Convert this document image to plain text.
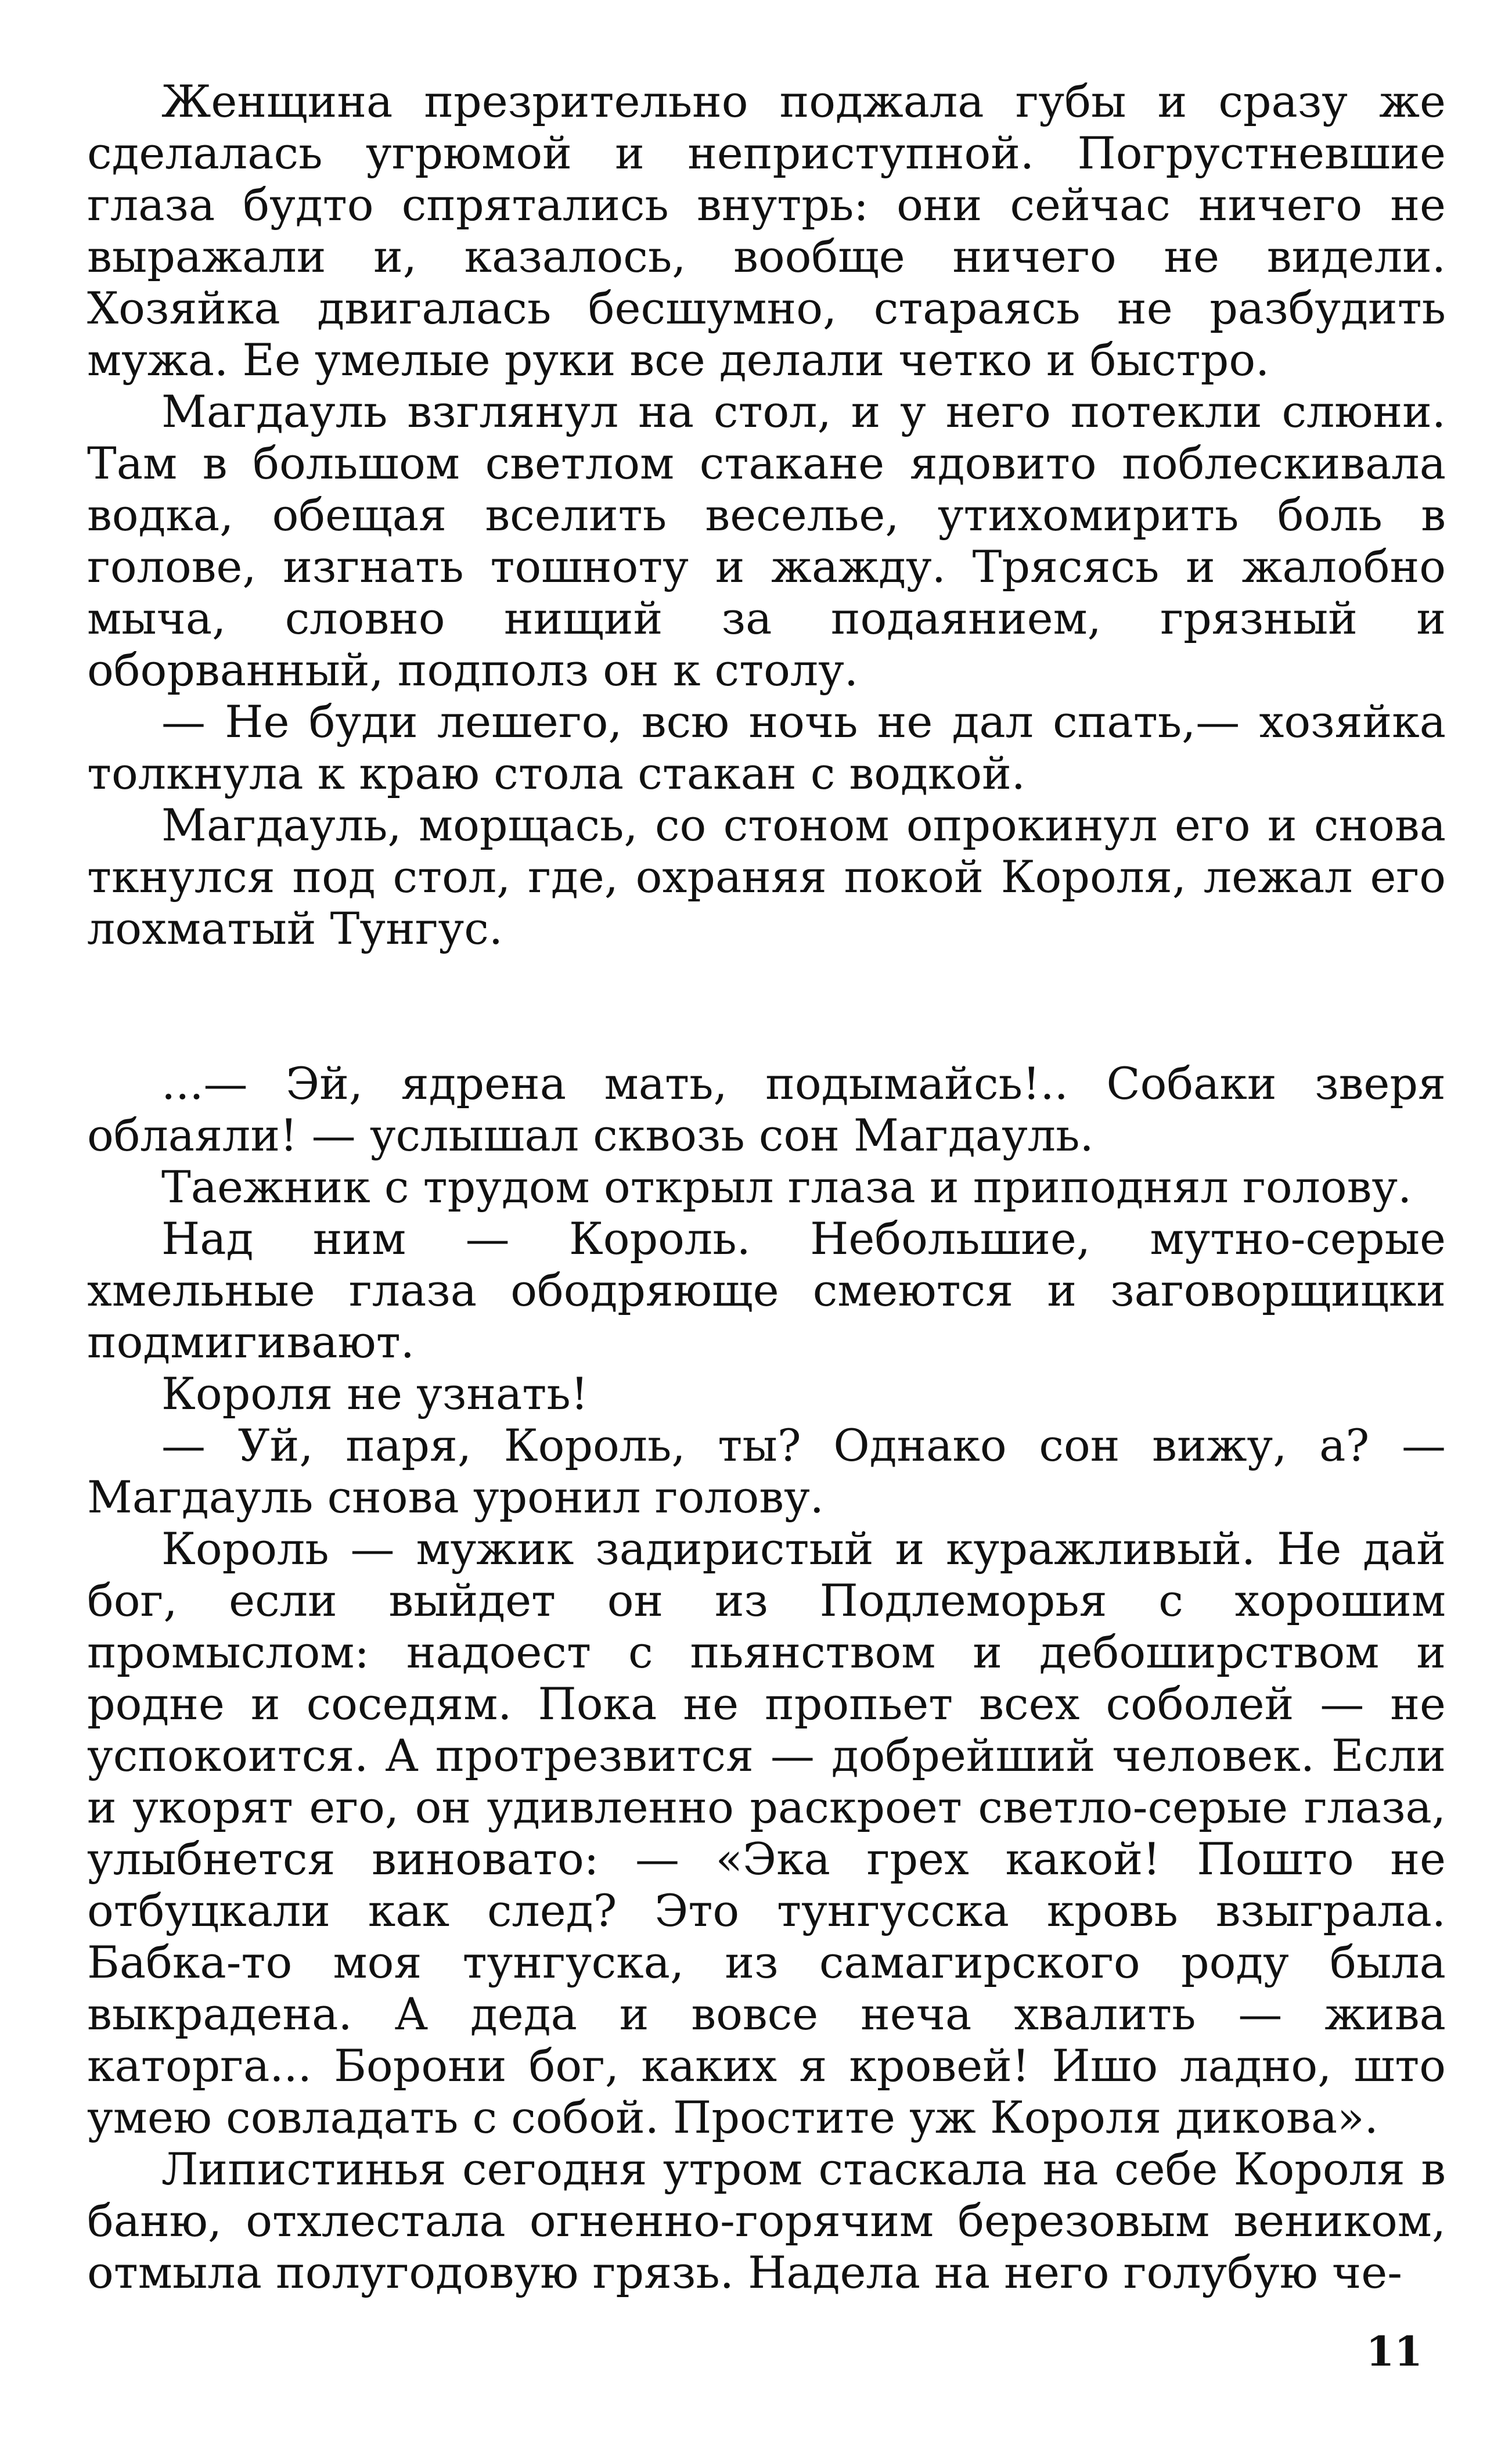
Женщина презрительно поджала губы и сразу же сделалась угрюмой и неприступной. Погрустневшие глаза будто спрятались внутрь: они сейчас ничего не выражали и, казалось, вообще ничего не видели. Хозяйка двигалась бесшумно, стараясь не разбудить мужа. Ее умелые руки все делали четко и быстро.

Магдауль взглянул на стол, и у него потекли слюни. Там в большом светлом стакане ядовито поблескивала водка, обещая вселить веселье, утихомирить боль в голове, изгнать тошноту и жажду. Трясясь и жалобно мыча, словно нищий за подаянием, грязный и оборванный, подполз он к столу.

— Не буди лешего, всю ночь не дал спать,— хозяйка толкнула к краю стола стакан с водкой.

Магдауль, морщась, со стоном опрокинул его и снова ткнулся под стол, где, охраняя покой Короля, лежал его лохматый Тунгус.

...— Эй, ядрена мать, подымайсь!.. Собаки зверя облаяли! — услышал сквозь сон Магдауль.

Таежник с трудом открыл глаза и приподнял голову.

Над ним — Король. Небольшие, мутно-серые хмельные глаза ободряюще смеются и заговорщицки подмигивают.

Короля не узнать!

— Уй, паря, Король, ты? Однако сон вижу, а? — Магдауль снова уронил голову.

Король — мужик задиристый и куражливый. Не дай бог, если выйдет он из Подлеморья с хорошим промыслом: надоест с пьянством и дебоширством и родне и соседям. Пока не пропьет всех соболей — не успокоится. А протрезвится — добрейший человек. Если и укорят его, он удивленно раскроет светло-серые глаза, улыбнется виновато: — «Эка грех какой! Пошто не отбуцкали как след? Это тунгусска кровь взыграла. Бабка-то моя тунгуска, из самагирского роду была выкрадена. А деда и вовсе неча хвалить — жива каторга... Борони бог, каких я кровей! Ишо ладно, што умею совладать с собой. Простите уж Короля дикова».

Липистинья сегодня утром стаскала на себе Короля в баню, отхлестала огненно-горячим березовым веником, отмыла полугодовую грязь. Надела на него голубую че-

11
